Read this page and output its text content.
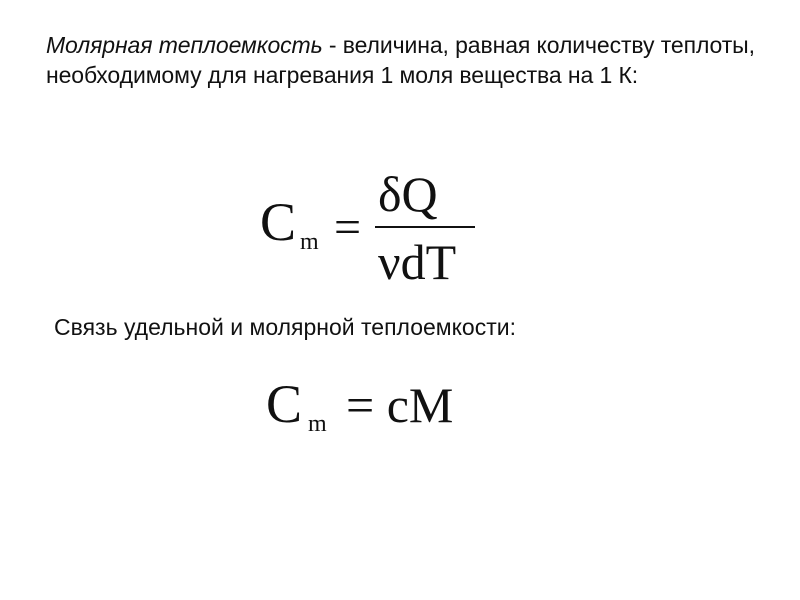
Молярная теплоемкость - величина, равная количеству теплоты, необходимому для нагревания 1 моля вещества на 1 К:

C m =
δQ
νdT

Связь удельной и молярной теплоемкости:

C m = cM
